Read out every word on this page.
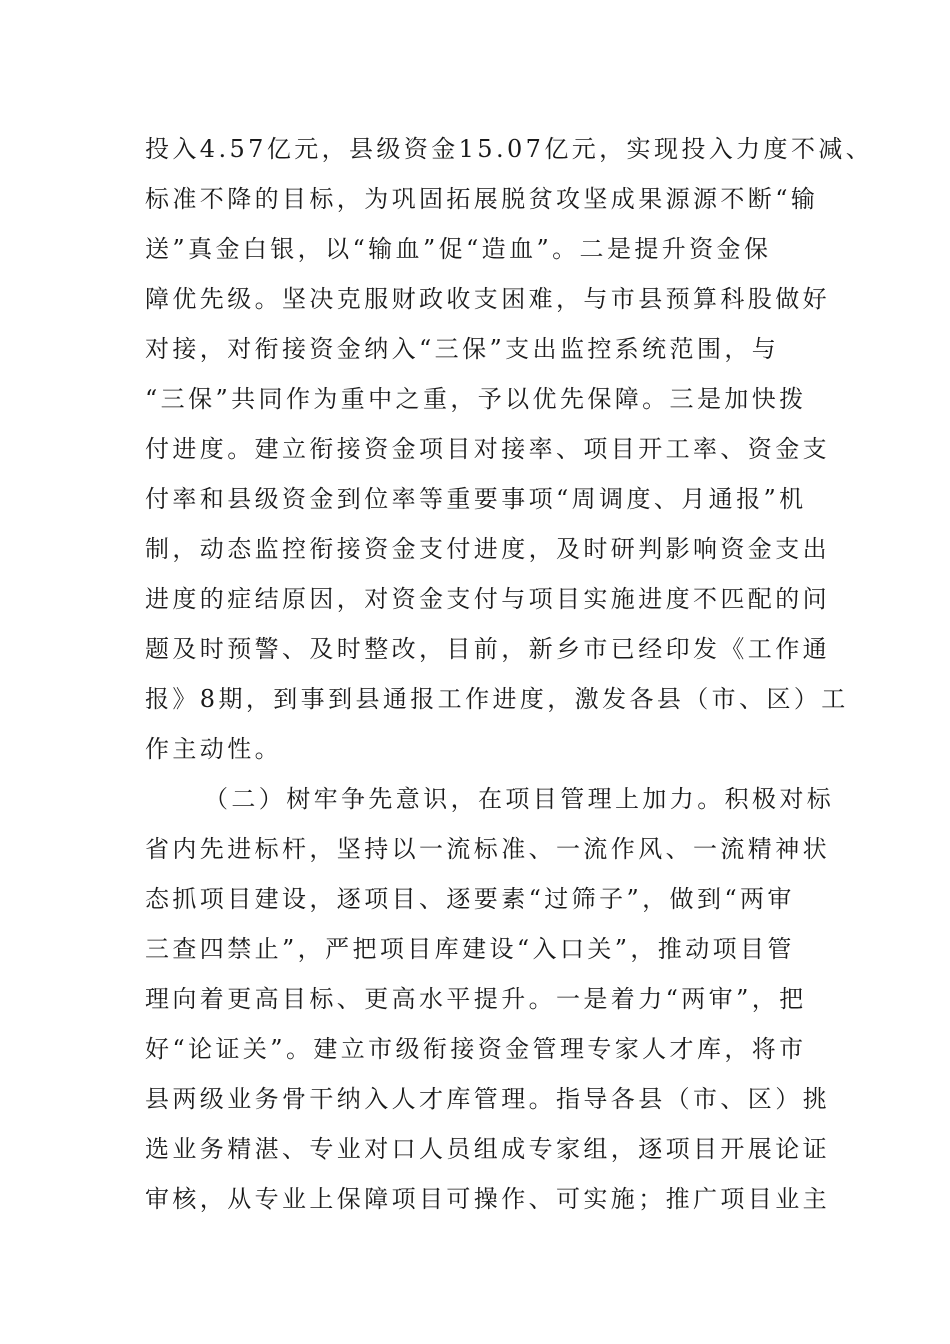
投入4.57亿元，县级资金15.07亿元，实现投入力度不减、
标准不降的目标，为巩固拓展脱贫攻坚成果源源不断“输
送”真金白银，以“输血”促“造血”。二是提升资金保
障优先级。坚决克服财政收支困难，与市县预算科股做好
对接，对衔接资金纳入“三保”支出监控系统范围，与
“三保”共同作为重中之重，予以优先保障。三是加快拨
付进度。建立衔接资金项目对接率、项目开工率、资金支
付率和县级资金到位率等重要事项“周调度、月通报”机
制，动态监控衔接资金支付进度，及时研判影响资金支出
进度的症结原因，对资金支付与项目实施进度不匹配的问
题及时预警、及时整改，目前，新乡市已经印发《工作通
报》8期，到事到县通报工作进度，激发各县（市、区）工
作主动性。
（二）树牢争先意识，在项目管理上加力。积极对标
省内先进标杆，坚持以一流标准、一流作风、一流精神状
态抓项目建设，逐项目、逐要素“过筛子”，做到“两审
三查四禁止”，严把项目库建设“入口关”，推动项目管
理向着更高目标、更高水平提升。一是着力“两审”，把
好“论证关”。建立市级衔接资金管理专家人才库，将市
县两级业务骨干纳入人才库管理。指导各县（市、区）挑
选业务精湛、专业对口人员组成专家组，逐项目开展论证
审核，从专业上保障项目可操作、可实施；推广项目业主
